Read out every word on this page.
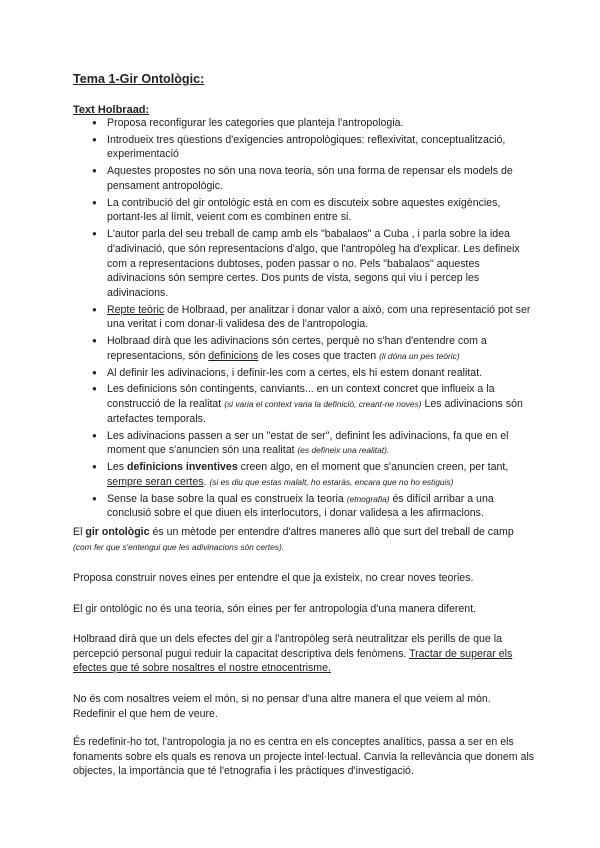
Tema 1-Gir Ontològic:
Text Holbraad:
● Proposa reconfigurar les categories que planteja l'antropologia.
● Introdueix tres qüestions d'exigencies antropològiques: reflexivitat, conceptualització, experimentació
● Aquestes propostes no són una nova teoria, són una forma de repensar els models de pensament antropològic.
● La contribució del gir ontològic està en com es discuteix sobre aquestes exigències, portant-les al límit, veient com es combinen entre si.
● L'autor parla del seu treball de camp amb els "babalaos" a Cuba , i parla sobre la idea d'adivinació, que són representacions d'algo, que l'antropòleg ha d'explicar. Les defineix com a representacions dubtoses, poden passar o no. Pels "babalaos" aquestes adivinacions són sempre certes. Dos punts de vista, segons qui viu i percep les adivinacions.
● Repte teòric de Holbraad, per analitzar i donar valor a això, com una representació pot ser una veritat i com donar-li validesa des de l'antropologia.
● Holbraad dirà que les adivinacions són certes, perquè no s'han d'entendre com a representacions, són definicions de les coses que tracten (li dóna un pes teòric)
● Al definir les adivinacions, i definir-les com a certes, els hi estem donant realitat.
● Les definicions són contingents, canviants... en un context concret que influeix a la construcció de la realitat (si varia el context varia la definició, creant-ne noves) Les adivinacions són artefactes temporals.
● Les adivinacions passen a ser un "estat de ser", definint les adivinacions, fa que en el moment que s'anuncien són una realitat (es defineix una realitat).
● Les definicions inventives creen algo, en el moment que s'anuncien creen, per tant, sempre seran certes. (si es diu que estas malalt, ho estaràs, encara que no ho estiguis)
● Sense la base sobre la qual es construeix la teoria (etnografia) és difícil arribar a una conclusió sobre el que diuen els interlocutors, i donar validesa a les afirmacions.

El gir ontològic és un mètode per entendre d'altres maneres allò que surt del treball de camp (com fer que s'entengui que les adivinacions són certes).

Proposa construir noves eines per entendre el que ja existeix, no crear noves teories.

El gir ontològic no és una teoria, són eines per fer antropologia d'una manera diferent.

Holbraad dirà que un dels efectes del gir a l'antropòleg serà neutralitzar els perills de que la percepció personal pugui reduir la capacitat descriptiva dels fenòmens. Tractar de superar els efectes que té sobre nosaltres el nostre etnocentrisme.

No és com nosaltres veiem el món, si no pensar d'una altre manera el que veiem al món. Redefinir el que hem de veure.

És redefinir-ho tot, l'antropologia ja no es centra en els conceptes analítics, passa a ser en els fonaments sobre els quals es renova un projecte intel·lectual. Canvia la rellevància que donem als objectes, la importància que té l'etnografia i les pràctiques d'investigació.
